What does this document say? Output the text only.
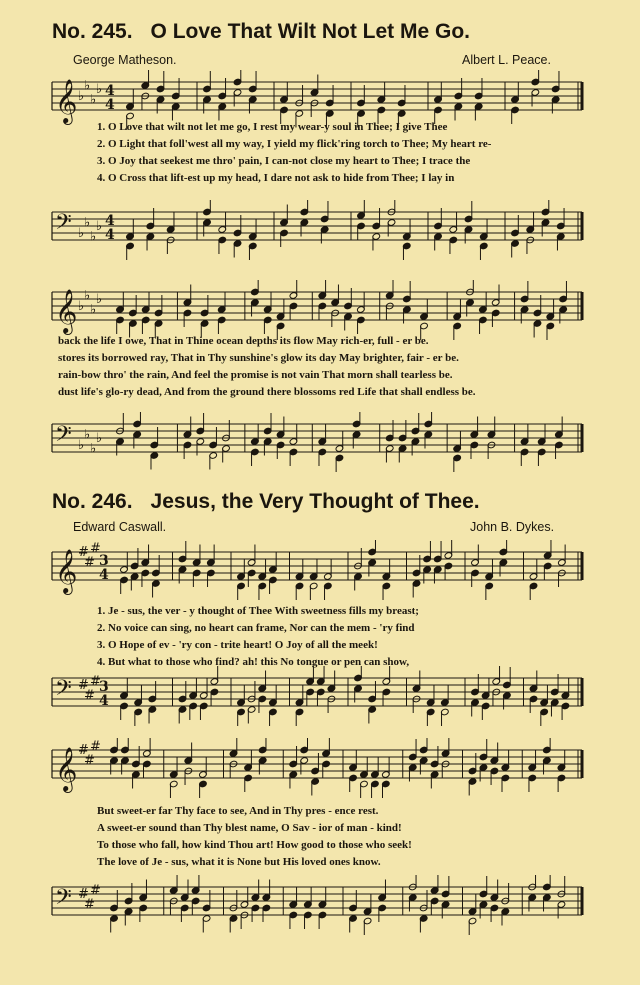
No. 245. O Love That Wilt Not Let Me Go.
George Matheson.	Albert L. Peace.
𝄞 ♭
♭
♭
♭ 4
4
1. O Love that wilt not let me go, I rest my wear-y soul in Thee; I give Thee
2. O Light that foll'west all my way, I yield my flick'ring torch to Thee; My heart re-
3. O Joy that seekest me thro' pain, I can-not close my heart to Thee; I trace the
4. O Cross that lift-est up my head, I dare not ask to hide from Thee; I lay in
𝄢 ♭
♭
♭
♭ 4
4
𝄞 ♭
♭
♭
♭
back the life I owe, That in Thine ocean depths its flow May rich-er, full - er be.
stores its borrowed ray, That in Thy sunshine's glow its day May brighter, fair - er be.
rain-bow thro' the rain, And feel the promise is not vain That morn shall tearless be.
dust life's glo-ry dead, And from the ground there blossoms red Life that shall endless be.
𝄢 ♭
♭
♭
♭
No. 246. Jesus, the Very Thought of Thee.
Edward Caswall.	John B. Dykes.
𝄞 #
#
#
3
4
1. Je - sus, the ver - y thought of Thee With sweetness fills my breast;
2. No voice can sing, no heart can frame, Nor can the mem - 'ry find
3. O Hope of ev - 'ry con - trite heart! O Joy of all the meek!
4. But what to those who find? ah! this No tongue or pen can show,
𝄢 #
#
#
3
4
𝄞 #
#
#
But sweet-er far Thy face to see, And in Thy pres - ence rest.
A sweet-er sound than Thy blest name, O Sav - ior of man - kind!
To those who fall, how kind Thou art! How good to those who seek!
The love of Je - sus, what it is None but His loved ones know.
𝄢 #
#
#
